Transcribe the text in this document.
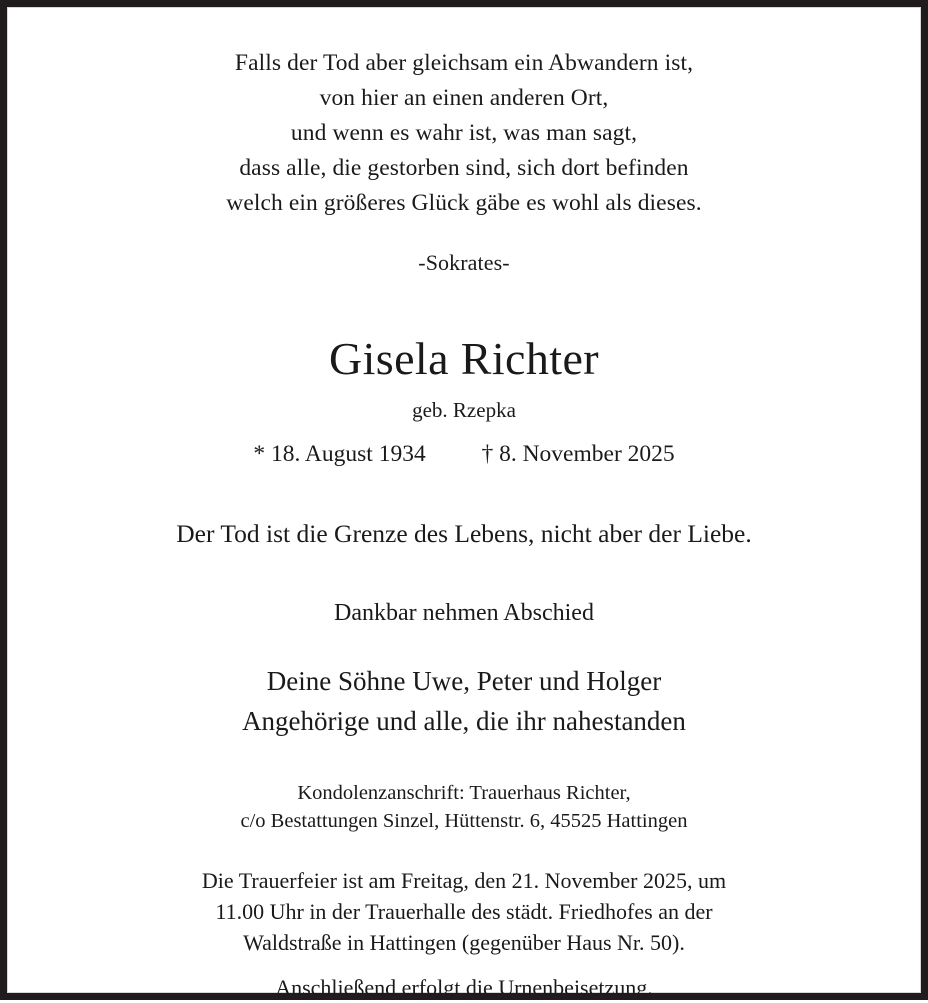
Falls der Tod aber gleichsam ein Abwandern ist,
von hier an einen anderen Ort,
und wenn es wahr ist, was man sagt,
dass alle, die gestorben sind, sich dort befinden
welch ein größeres Glück gäbe es wohl als dieses.
-Sokrates-
Gisela Richter
geb. Rzepka
* 18. August 1934 † 8. November 2025
Der Tod ist die Grenze des Lebens, nicht aber der Liebe.
Dankbar nehmen Abschied
Deine Söhne Uwe, Peter und Holger
Angehörige und alle, die ihr nahestanden
Kondolenzanschrift: Trauerhaus Richter,
c/o Bestattungen Sinzel, Hüttenstr. 6, 45525 Hattingen
Die Trauerfeier ist am Freitag, den 21. November 2025, um
11.00 Uhr in der Trauerhalle des städt. Friedhofes an der
Waldstraße in Hattingen (gegenüber Haus Nr. 50).
Anschließend erfolgt die Urnenbeisetzung.
